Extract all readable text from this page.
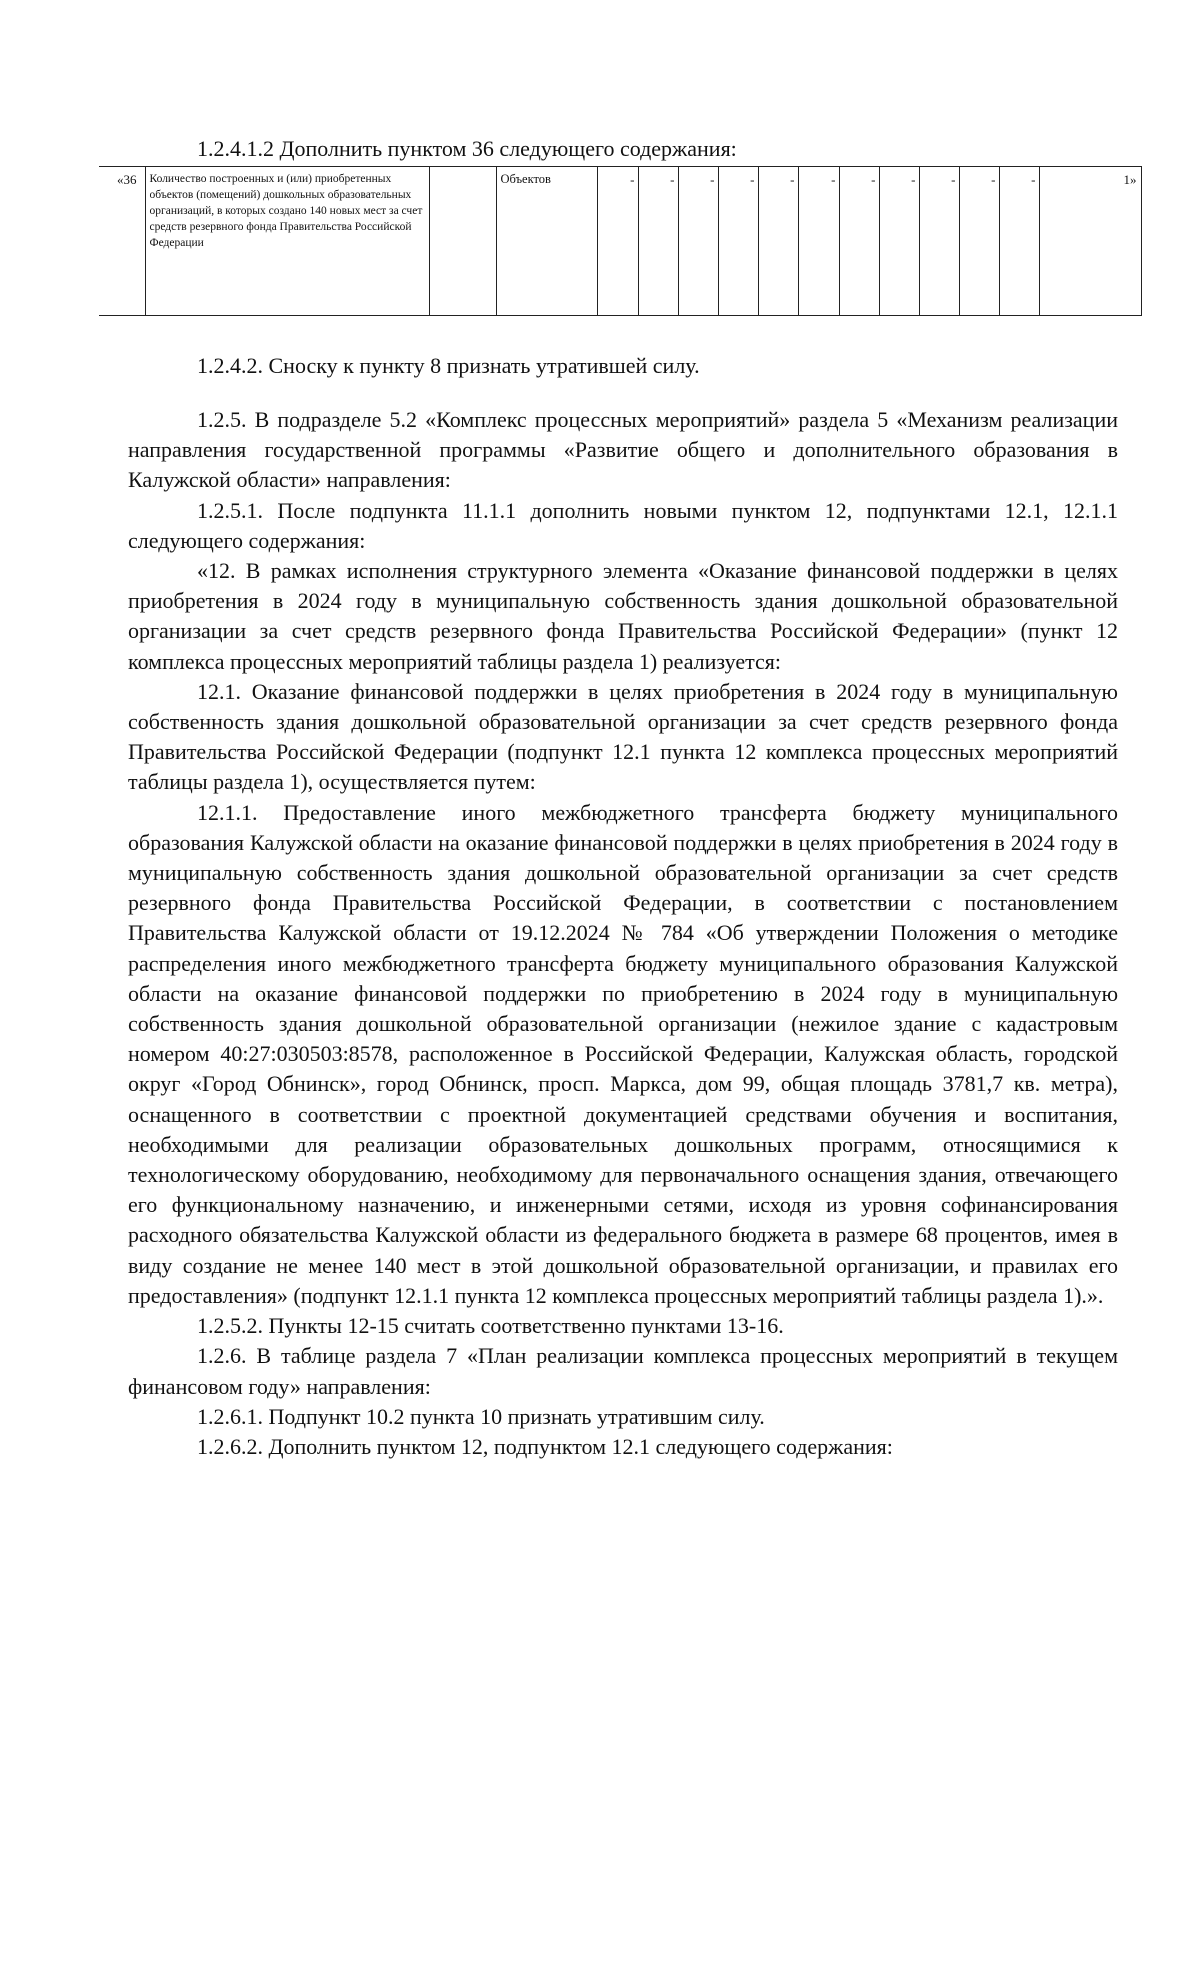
1.2.4.1.2 Дополнить пунктом 36 следующего содержания:
«36	Количество построенных и (или) приобретенных объектов (помещений) дошкольных образовательных организаций, в которых создано 140 новых мест за счет средств резервного фонда Правительства Российской Федерации		Объектов	-	-	-	-	-	-	-	-	-	-	-	1»

1.2.4.2. Сноску к пункту 8 признать утратившей силу.

1.2.5. В подразделе 5.2 «Комплекс процессных мероприятий» раздела 5 «Механизм реализации направления государственной программы «Развитие общего и дополнительного образования в Калужской области» направления:

1.2.5.1. После подпункта 11.1.1 дополнить новыми пунктом 12, подпунктами 12.1, 12.1.1 следующего содержания:

«12. В рамках исполнения структурного элемента «Оказание финансовой поддержки в целях приобретения в 2024 году в муниципальную собственность здания дошкольной образовательной организации за счет средств резервного фонда Правительства Российской Федерации» (пункт 12 комплекса процессных мероприятий таблицы раздела 1) реализуется:

12.1. Оказание финансовой поддержки в целях приобретения в 2024 году в муниципальную собственность здания дошкольной образовательной организации за счет средств резервного фонда Правительства Российской Федерации (подпункт 12.1 пункта 12 комплекса процессных мероприятий таблицы раздела 1), осуществляется путем:

12.1.1. Предоставление иного межбюджетного трансферта бюджету муниципального образования Калужской области на оказание финансовой поддержки в целях приобретения в 2024 году в муниципальную собственность здания дошкольной образовательной организации за счет средств резервного фонда Правительства Российской Федерации, в соответствии с постановлением Правительства Калужской области от 19.12.2024 № 784 «Об утверждении Положения о методике распределения иного межбюджетного трансферта бюджету муниципального образования Калужской области на оказание финансовой поддержки по приобретению в 2024 году в муниципальную собственность здания дошкольной образовательной организации (нежилое здание с кадастровым номером 40:27:030503:8578, расположенное в Российской Федерации, Калужская область, городской округ «Город Обнинск», город Обнинск, просп. Маркса, дом 99, общая площадь 3781,7 кв. метра), оснащенного в соответствии с проектной документацией средствами обучения и воспитания, необходимыми для реализации образовательных дошкольных программ, относящимися к технологическому оборудованию, необходимому для первоначального оснащения здания, отвечающего его функциональному назначению, и инженерными сетями, исходя из уровня софинансирования расходного обязательства Калужской области из федерального бюджета в размере 68 процентов, имея в виду создание не менее 140 мест в этой дошкольной образовательной организации, и правилах его предоставления» (подпункт 12.1.1 пункта 12 комплекса процессных мероприятий таблицы раздела 1).».

1.2.5.2. Пункты 12-15 считать соответственно пунктами 13-16.

1.2.6. В таблице раздела 7 «План реализации комплекса процессных мероприятий в текущем финансовом году» направления:

1.2.6.1. Подпункт 10.2 пункта 10 признать утратившим силу.

1.2.6.2. Дополнить пунктом 12, подпунктом 12.1 следующего содержания:
